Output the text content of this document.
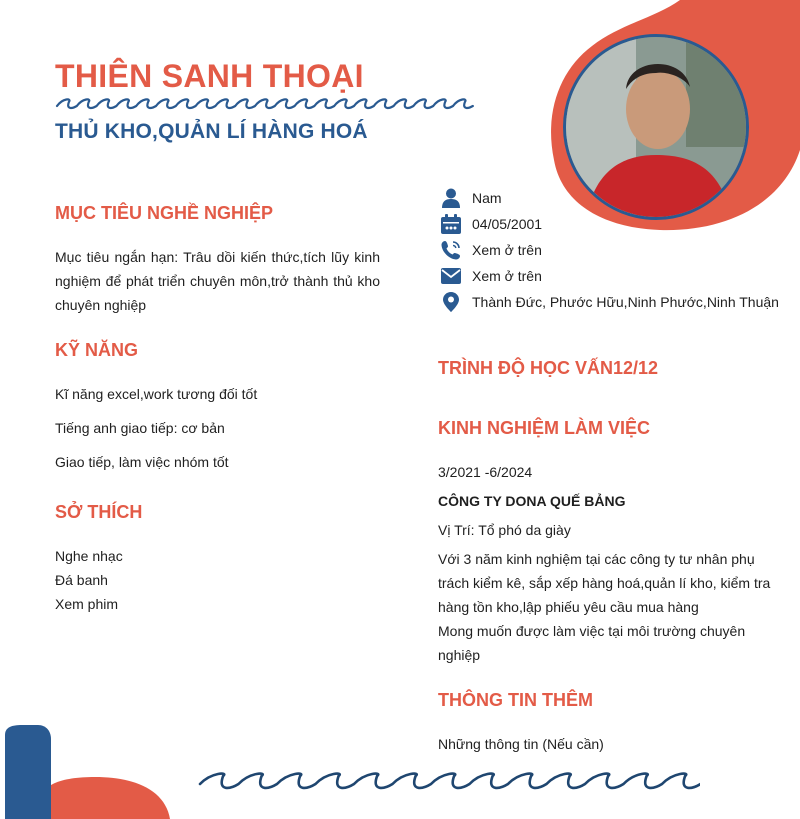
THIÊN SANH THOẠI
THỦ KHO,QUẢN LÍ HÀNG HOÁ
Nam
04/05/2001
Xem ở trên
Xem ở trên
Thành Đức, Phước Hữu,Ninh Phước,Ninh Thuận
MỤC TIÊU NGHỀ NGHIỆP

Mục tiêu ngắn hạn: Trâu dồi kiến thức,tích lũy kinh nghiệm để phát triển chuyên môn,trở thành thủ kho chuyên nghiệp

KỸ NĂNG

Kĩ năng excel,work tương đối tốt

Tiếng anh giao tiếp: cơ bản

Giao tiếp, làm việc nhóm tốt

SỞ THÍCH

Nghe nhạc

Đá banh

Xem phim

TRÌNH ĐỘ HỌC VẤN12/12
KINH NGHIỆM LÀM VIỆC

3/2021 -6/2024

CÔNG TY DONA QUẾ BẢNG

Vị Trí: Tổ phó da giày

Với 3 năm kinh nghiệm tại các công ty tư nhân phụ trách kiểm kê, sắp xếp hàng hoá,quản lí kho, kiểm tra hàng tồn kho,lập phiếu yêu cầu mua hàng

Mong muốn được làm việc tại môi trường chuyên nghiệp

THÔNG TIN THÊM

Những thông tin (Nếu cần)
